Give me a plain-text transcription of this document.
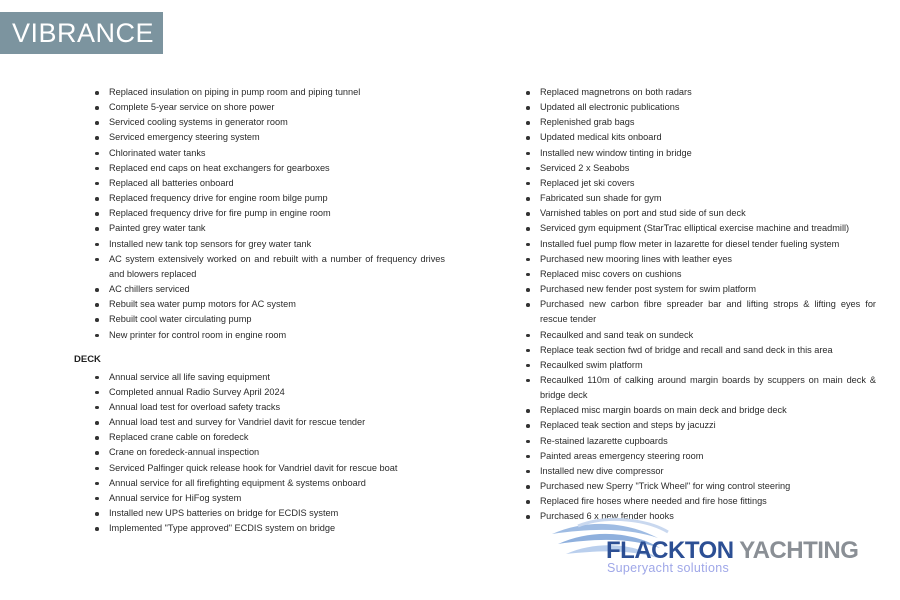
VIBRANCE
Replaced insulation on piping in pump room and piping tunnel
Complete 5-year service on shore power
Serviced cooling systems in generator room
Serviced emergency steering system
Chlorinated water tanks
Replaced end caps on heat exchangers for gearboxes
Replaced all batteries onboard
Replaced frequency drive for engine room bilge pump
Replaced frequency drive for fire pump in engine room
Painted grey water tank
Installed new tank top sensors for grey water tank
AC system extensively worked on and rebuilt with a number of frequency drives and blowers replaced
AC chillers serviced
Rebuilt sea water pump motors for AC system
Rebuilt cool water circulating pump
New printer for control room in engine room
DECK
Annual service all life saving equipment
Completed annual Radio Survey April 2024
Annual load test for overload safety tracks
Annual load test and survey for Vandriel davit for rescue tender
Replaced crane cable on foredeck
Crane on foredeck-annual inspection
Serviced Palfinger quick release hook for Vandriel davit for rescue boat
Annual service for all firefighting equipment & systems onboard
Annual service for HiFog system
Installed new UPS batteries on bridge for ECDIS system
Implemented "Type approved" ECDIS system on bridge
Replaced magnetrons on both radars
Updated all electronic publications
Replenished grab bags
Updated medical kits onboard
Installed new window tinting in bridge
Serviced 2 x Seabobs
Replaced jet ski covers
Fabricated sun shade for gym
Varnished tables on port and stud side of sun deck
Serviced gym equipment (StarTrac elliptical exercise machine and treadmill)
Installed fuel pump flow meter in lazarette for diesel tender fueling system
Purchased new mooring lines with leather eyes
Replaced misc covers on cushions
Purchased new fender post system for swim platform
Purchased new carbon fibre spreader bar and lifting strops & lifting eyes for rescue tender
Recaulked and sand teak on sundeck
Replace teak section fwd of bridge and recall and sand deck in this area
Recaulked swim platform
Recaulked 110m of calking around margin boards by scuppers on main deck & bridge deck
Replaced misc margin boards on main deck and bridge deck
Replaced teak section and steps by jacuzzi
Re-stained lazarette cupboards
Painted areas emergency steering room
Installed new dive compressor
Purchased new Sperry "Trick Wheel" for wing control steering
Replaced fire hoses where needed and fire hose fittings
Purchased 6 x new fender hooks
FLACKTON YACHTING
Superyacht solutions
